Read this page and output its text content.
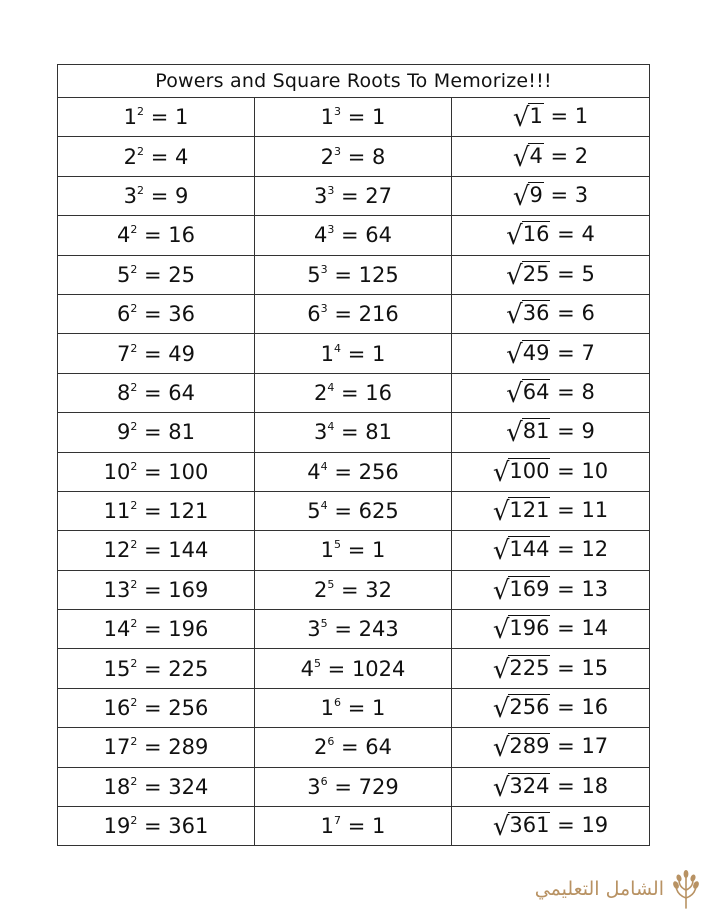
Powers and Square Roots To Memorize!!!		
$1^2 = 1$	$1^3 = 1$	√1 = 1
$2^2 = 4$	$2^3 = 8$	√4 = 2
$3^2 = 9$	$3^3 = 27$	√9 = 3
$4^2 = 16$	$4^3 = 64$	√16 = 4
$5^2 = 25$	$5^3 = 125$	√25 = 5
$6^2 = 36$	$6^3 = 216$	√36 = 6
$7^2 = 49$	$1^4 = 1$	√49 = 7
$8^2 = 64$	$2^4 = 16$	√64 = 8
$9^2 = 81$	$3^4 = 81$	√81 = 9
$10^2 = 100$	$4^4 = 256$	√100 = 10
$11^2 = 121$	$5^4 = 625$	√121 = 11
$12^2 = 144$	$1^5 = 1$	√144 = 12
$13^2 = 169$	$2^5 = 32$	√169 = 13
$14^2 = 196$	$3^5 = 243$	√196 = 14
$15^2 = 225$	$4^5 = 1024$	√225 = 15
$16^2 = 256$	$1^6 = 1$	√256 = 16
$17^2 = 289$	$2^6 = 64$	√289 = 17
$18^2 = 324$	$3^6 = 729$	√324 = 18
$19^2 = 361$	$1^7 = 1$	√361 = 19
الشامل التعليمي
